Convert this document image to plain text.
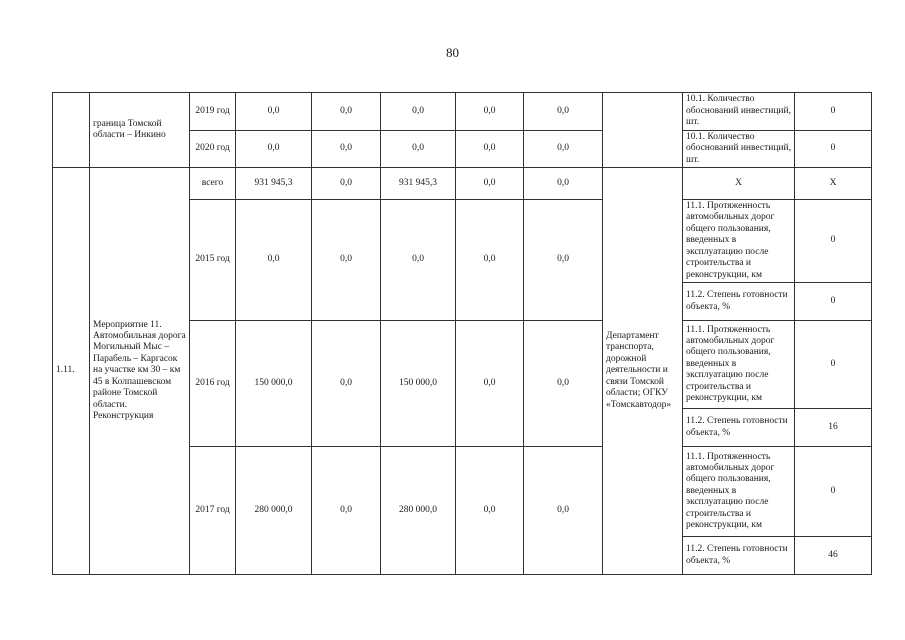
80
	граница Томской области – Инкино	2019 год	0,0	0,0	0,0	0,0	0,0		10.1. Количество обоснований инвестиций, шт.	0
		2020 год	0,0	0,0	0,0	0,0	0,0		10.1. Количество обоснований инвестиций, шт.	0
1.11.	Мероприятие 11. Автомобильная дорога Могильный Мыс – Парабель – Каргасок на участке км 30 – км 45 в Колпашевском районе Томской области. Реконструкция	всего	931 945,3	0,0	931 945,3	0,0	0,0	Департамент транспорта, дорожной деятельности и связи Томской области; ОГКУ «Томскавтодор»	X	X
		2015 год	0,0	0,0	0,0	0,0	0,0		11.1. Протяженность автомобильных дорог общего пользования, введенных в эксплуатацию после строительства и реконструкции, км	0
									11.2. Степень готовности объекта, %	0
		2016 год	150 000,0	0,0	150 000,0	0,0	0,0		11.1. Протяженность автомобильных дорог общего пользования, введенных в эксплуатацию после строительства и реконструкции, км	0
									11.2. Степень готовности объекта, %	16
		2017 год	280 000,0	0,0	280 000,0	0,0	0,0		11.1. Протяженность автомобильных дорог общего пользования, введенных в эксплуатацию после строительства и реконструкции, км	0
									11.2. Степень готовности объекта, %	46
